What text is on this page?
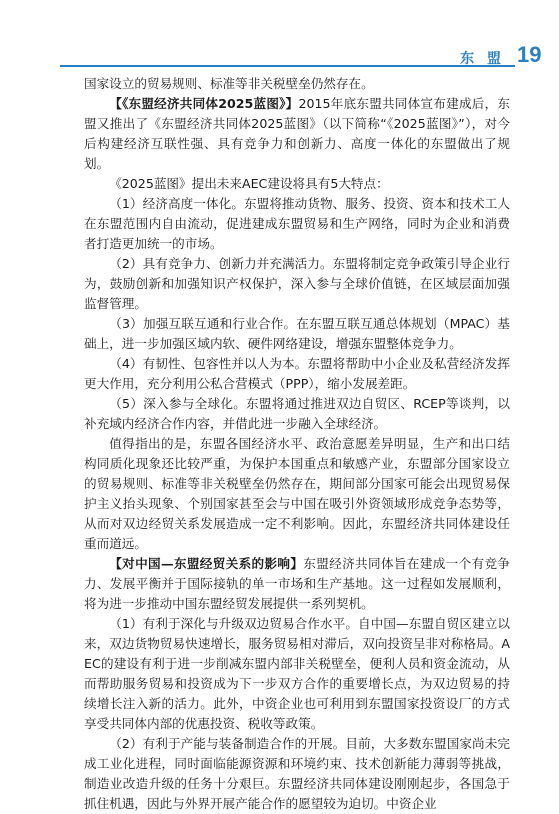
东 盟 19

国家设立的贸易规则、标准等非关税壁垒仍然存在。

【《东盟经济共同体2025蓝图》】2015年底东盟共同体宣布建成后，东盟又推出了《东盟经济共同体2025蓝图》（以下简称“《2025蓝图》”），对今后构建经济互联性强、具有竞争力和创新力、高度一体化的东盟做出了规划。

《2025蓝图》提出未来AEC建设将具有5大特点：

（1）经济高度一体化。东盟将推动货物、服务、投资、资本和技术工人在东盟范围内自由流动，促进建成东盟贸易和生产网络，同时为企业和消费者打造更加统一的市场。

（2）具有竞争力、创新力并充满活力。东盟将制定竞争政策引导企业行为，鼓励创新和加强知识产权保护，深入参与全球价值链，在区域层面加强监督管理。

（3）加强互联互通和行业合作。在东盟互联互通总体规划（MPAC）基础上，进一步加强区域内软、硬件网络建设，增强东盟整体竞争力。

（4）有韧性、包容性并以人为本。东盟将帮助中小企业及私营经济发挥更大作用，充分利用公私合营模式（PPP），缩小发展差距。

（5）深入参与全球化。东盟将通过推进双边自贸区、RCEP等谈判，以补充域内经济合作内容，并借此进一步融入全球经济。

值得指出的是，东盟各国经济水平、政治意愿差异明显，生产和出口结构同质化现象还比较严重，为保护本国重点和敏感产业，东盟部分国家设立的贸易规则、标准等非关税壁垒仍然存在，期间部分国家可能会出现贸易保护主义抬头现象、个别国家甚至会与中国在吸引外资领域形成竞争态势等，从而对双边经贸关系发展造成一定不利影响。因此，东盟经济共同体建设任重而道远。

【对中国—东盟经贸关系的影响】东盟经济共同体旨在建成一个有竞争力、发展平衡并于国际接轨的单一市场和生产基地。这一过程如发展顺利，将为进一步推动中国东盟经贸发展提供一系列契机。

（1）有利于深化与升级双边贸易合作水平。自中国—东盟自贸区建立以来，双边货物贸易快速增长，服务贸易相对滞后，双向投资呈非对称格局。AEC的建设有利于进一步削减东盟内部非关税壁垒，便利人员和资金流动，从而帮助服务贸易和投资成为下一步双方合作的重要增长点，为双边贸易的持续增长注入新的活力。此外，中资企业也可利用到东盟国家投资设厂的方式享受共同体内部的优惠投资、税收等政策。

（2）有利于产能与装备制造合作的开展。目前，大多数东盟国家尚未完成工业化进程，同时面临能源资源和环境约束、技术创新能力薄弱等挑战，制造业改造升级的任务十分艰巨。东盟经济共同体建设刚刚起步，各国急于抓住机遇，因此与外界开展产能合作的愿望较为迫切。中资企业
